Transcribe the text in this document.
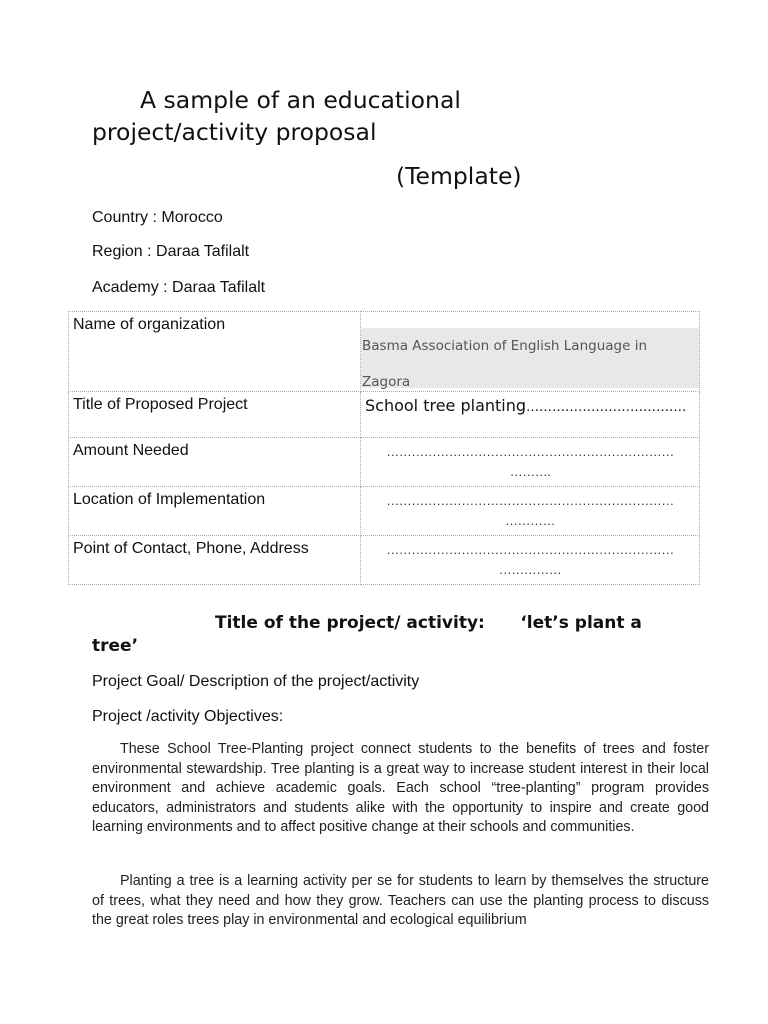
A sample of an educational
project/activity proposal
(Template)
Country : Morocco
Region : Daraa Tafilalt
Academy : Daraa Tafilalt
Name of organization	Basma Association of English Language in
Zagora

Title of Proposed Project	School tree planting……………………………….
Amount Needed	……………………………………………………………
……….

Location of Implementation	……………………………………………………………
…………

Point of Contact, Phone, Address	……………………………………………………………
……………
Title of the project/ activity:      ‘let’s plant a
tree’
Project Goal/ Description of the project/activity
Project /activity Objectives:
These School Tree-Planting project connect students to the benefits of trees and foster environmental stewardship. Tree planting is a great way to increase student interest in their local environment and achieve academic goals. Each school “tree-planting” program provides educators, administrators and students alike with the opportunity to inspire and create good learning environments and to affect positive change at their schools and communities.
Planting a tree is a learning activity per se for students to learn by themselves the structure of trees, what they need and how they grow. Teachers can use the planting process to discuss the great roles trees play in environmental and ecological equilibrium
